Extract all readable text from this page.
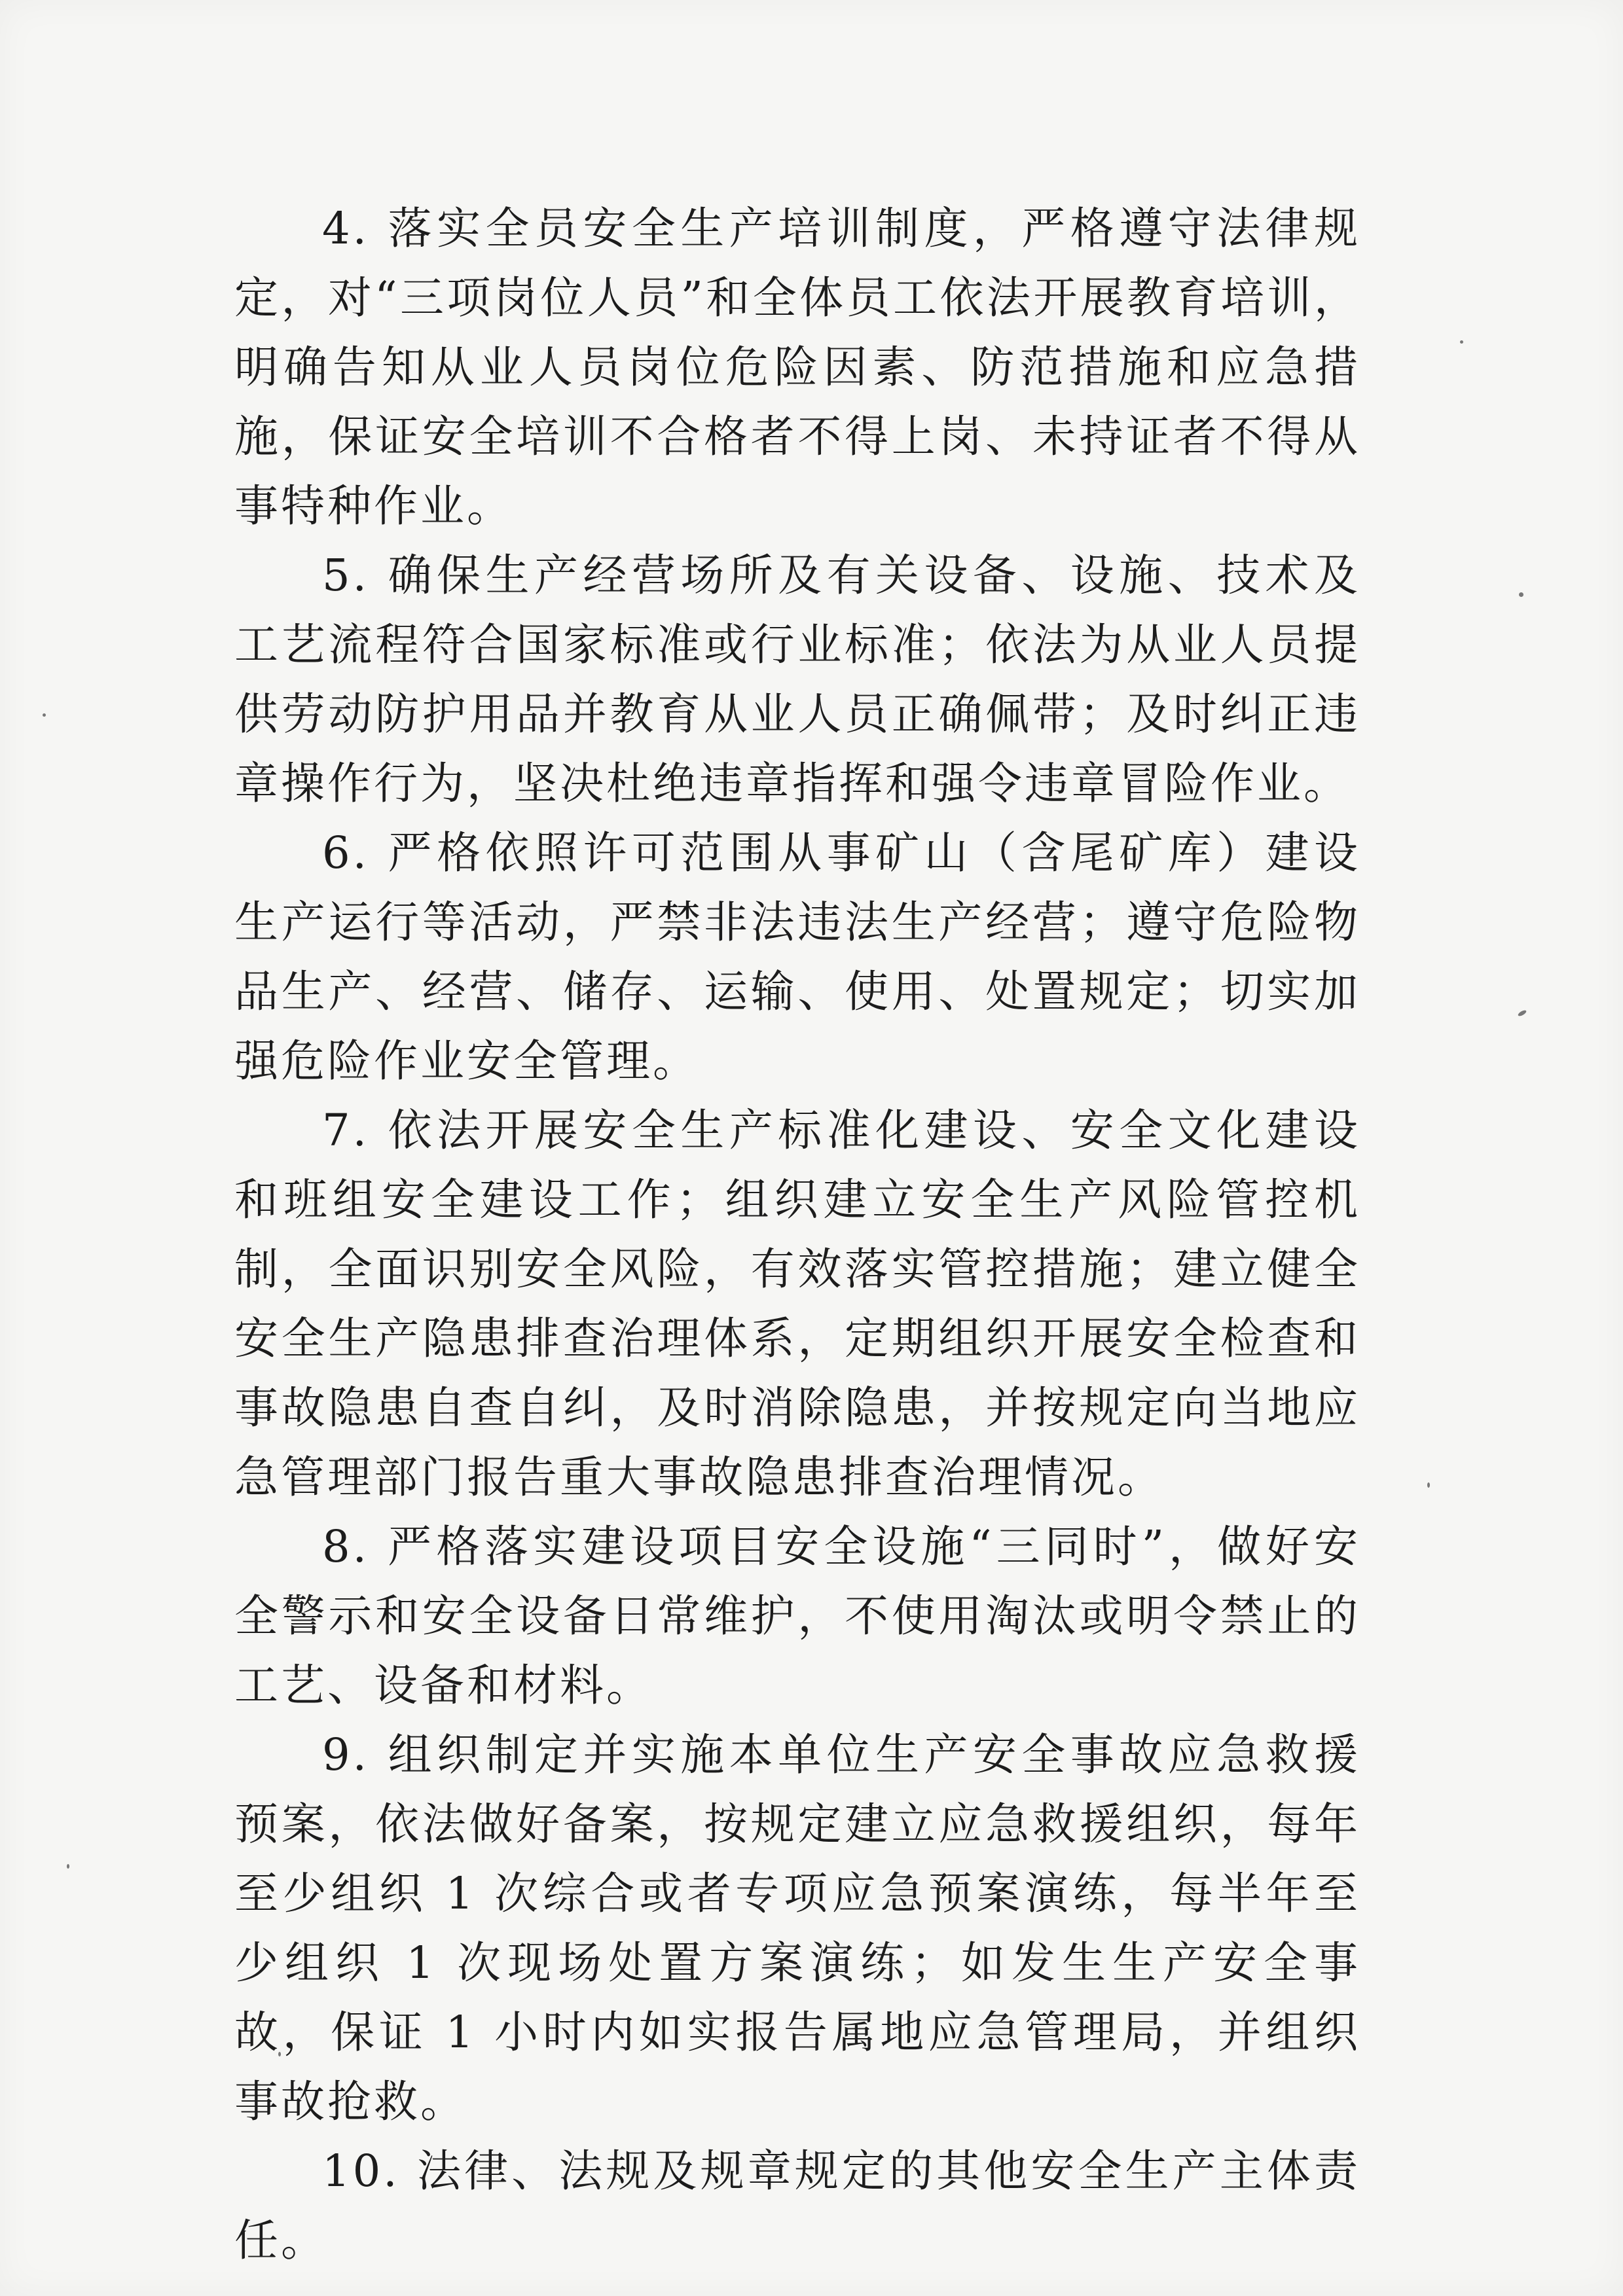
4. 落实全员安全生产培训制度，严格遵守法律规定，对“三项岗位人员”和全体员工依法开展教育培训，明确告知从业人员岗位危险因素、防范措施和应急措施，保证安全培训不合格者不得上岗、未持证者不得从事特种作业。

5. 确保生产经营场所及有关设备、设施、技术及工艺流程符合国家标准或行业标准；依法为从业人员提供劳动防护用品并教育从业人员正确佩带；及时纠正违章操作行为，坚决杜绝违章指挥和强令违章冒险作业。

6. 严格依照许可范围从事矿山（含尾矿库）建设生产运行等活动，严禁非法违法生产经营；遵守危险物品生产、经营、储存、运输、使用、处置规定；切实加强危险作业安全管理。

7. 依法开展安全生产标准化建设、安全文化建设和班组安全建设工作；组织建立安全生产风险管控机制，全面识别安全风险，有效落实管控措施；建立健全安全生产隐患排查治理体系，定期组织开展安全检查和事故隐患自查自纠，及时消除隐患，并按规定向当地应急管理部门报告重大事故隐患排查治理情况。

8. 严格落实建设项目安全设施“三同时”，做好安全警示和安全设备日常维护，不使用淘汰或明令禁止的工艺、设备和材料。

9. 组织制定并实施本单位生产安全事故应急救援预案，依法做好备案，按规定建立应急救援组织，每年至少组织 1 次综合或者专项应急预案演练，每半年至少组织 1 次现场处置方案演练；如发生生产安全事故，保证 1 小时内如实报告属地应急管理局，并组织事故抢救。

10. 法律、法规及规章规定的其他安全生产主体责任。
